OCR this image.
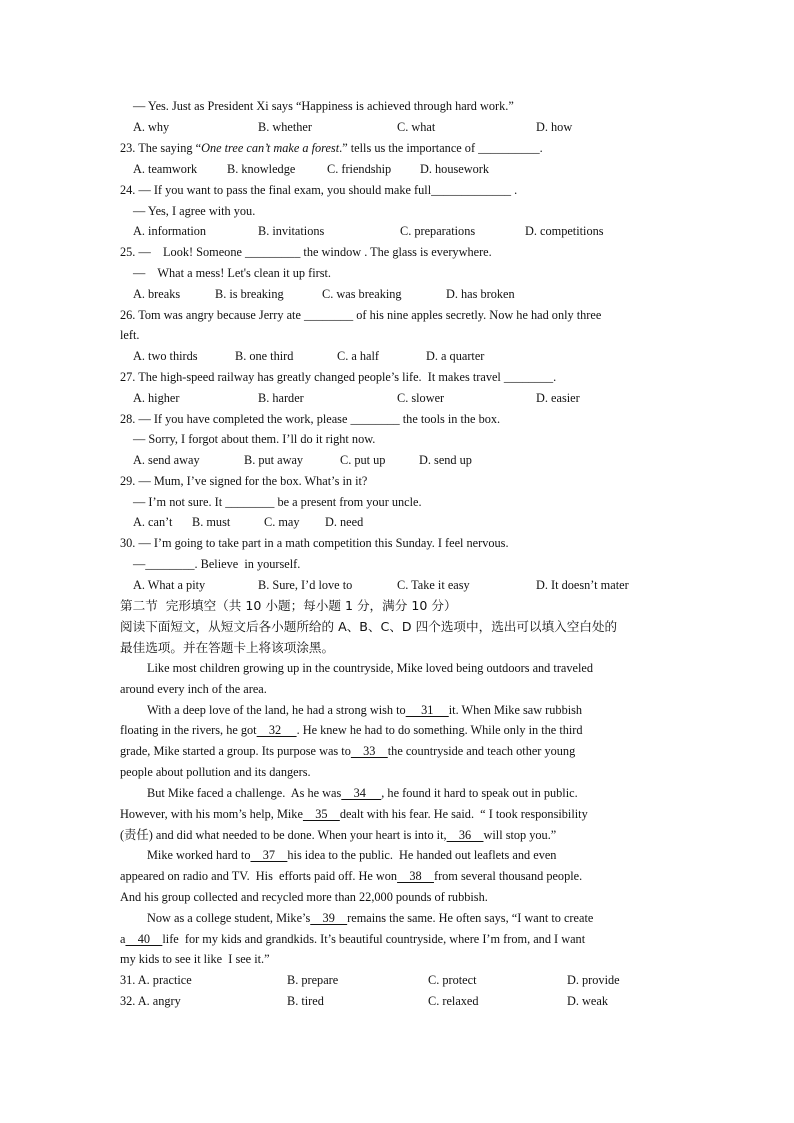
— Yes. Just as President Xi says “Happiness is achieved through hard work.”
A. why	B. whether	C. what	D. how
23. The saying “One tree can’t make a forest.” tells us the importance of __________.
A. teamwork B. knowledge	C. friendship D. housework
24. — If you want to pass the final exam, you should make full_____________ .
— Yes, I agree with you.
A. information	B. invitations	C. preparations	D. competitions
25. —    Look! Someone _________ the window . The glass is everywhere.
—    What a mess! Let's clean it up first.
A. breaks	B. is breaking	C. was breaking	D. has broken
26. Tom was angry because Jerry ate ________ of his nine apples secretly. Now he had only three
left.
A. two thirds	B. one third	C. a half	D. a quarter
27. The high-speed railway has greatly changed people’s life.  It makes travel ________.
A. higher	B. harder	C. slower	D. easier
28. — If you have completed the work, please ________ the tools in the box.
— Sorry, I forgot about them. I’ll do it right now.
A. send away	B. put away	C. put up	D. send up
29. — Mum, I’ve signed for the box. What’s in it?
— I’m not sure. It ________ be a present from your uncle.
A. can’t B. must	C. may D. need
30. — I’m going to take part in a math competition this Sunday. I feel nervous.
—________. Believe  in yourself.
A. What a pity	B. Sure, I’d love to	C. Take it easy	D. It doesn’t mater
第二节  完形填空（共 10 小题；每小题 1 分，满分 10 分）
阅读下面短文，从短文后各小题所给的 A、B、C、D 四个选项中，选出可以填入空白处的
最佳选项。并在答题卡上将该项涂黑。
Like most children growing up in the countryside, Mike loved being outdoors and traveled
around every inch of the area.
With a deep love of the land, he had a strong wish to     31     it. When Mike saw rubbish
floating in the rivers, he got    32     . He knew he had to do something. While only in the third
grade, Mike started a group. Its purpose was to    33    the countryside and teach other young
people about pollution and its dangers.
But Mike faced a challenge.  As he was    34     , he found it hard to speak out in public.
However, with his mom’s help, Mike    35    dealt with his fear. He said.  “ I took responsibility
(责任) and did what needed to be done. When your heart is into it,    36    will stop you.”
Mike worked hard to    37    his idea to the public.  He handed out leaflets and even
appeared on radio and TV.  His  efforts paid off. He won    38    from several thousand people.
And his group collected and recycled more than 22,000 pounds of rubbish.
Now as a college student, Mike’s    39    remains the same. He often says, “I want to create
a    40    life  for my kids and grandkids. It’s beautiful countryside, where I’m from, and I want
my kids to see it like  I see it.”
31. A. practice	B. prepare	C. protect	D. provide
32. A. angry	B. tired	C. relaxed	D. weak
